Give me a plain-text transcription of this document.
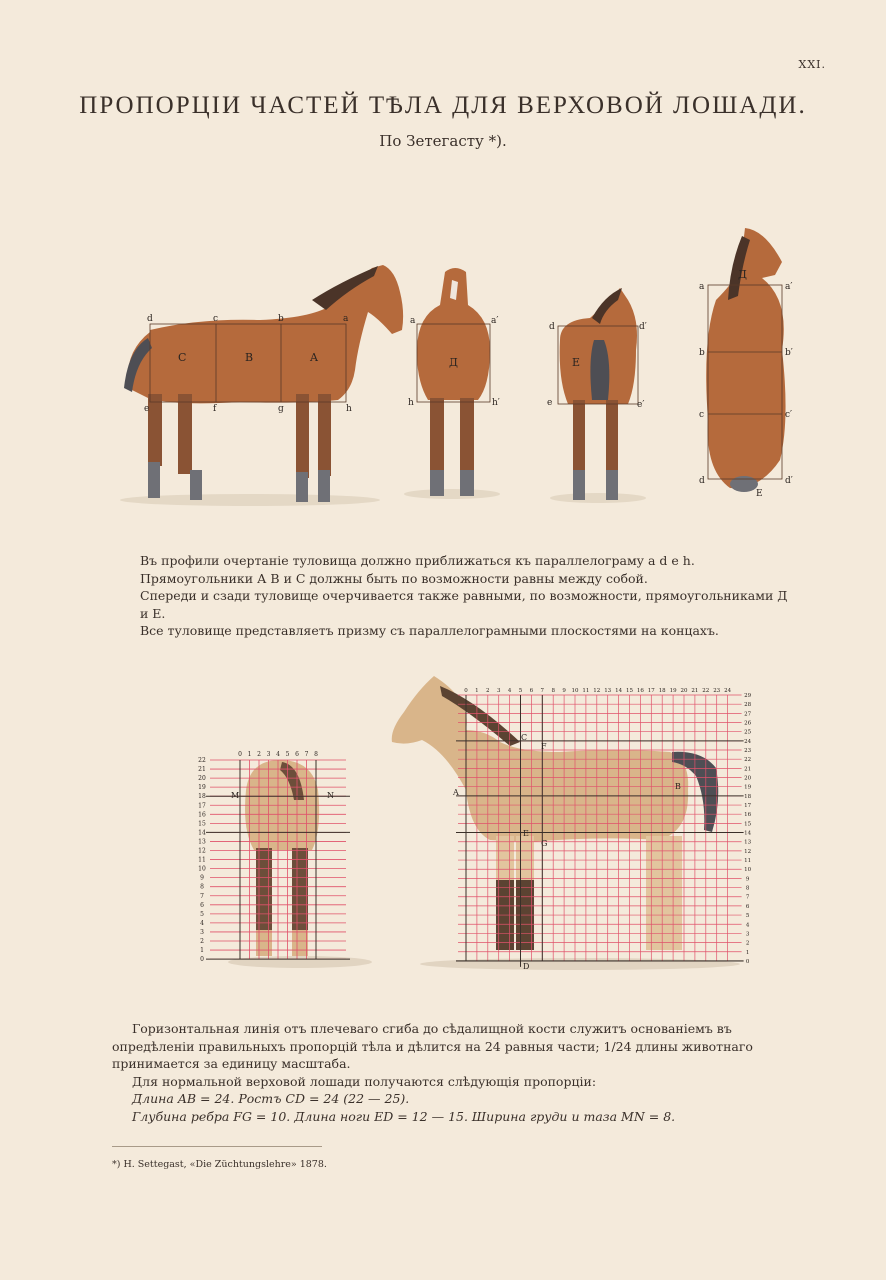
XXI.
ПРОПОРЦІИ ЧАСТЕЙ ТѢЛА ДЛЯ ВЕРХОВОЙ ЛОШАДИ.
По Зетегасту *).
d	c	b	a
e	f	g	h
C	B	A
a	a′
h	h′
Д
d	d′
e	e′
E
Д
a	a′
b	b′
c	c′
d	d′
E

Въ профили очертаніе туловища должно приближаться къ параллелограму a d e h.

Прямоугольники А В и С должны быть по возможности равны между собой.

Спереди и сзади туловище очерчивается также равными, по возможности, прямоугольниками Д и Е.

Все туловище представляетъ призму съ параллелограмными плоскостями на концахъ.

0 1 2 3 4 5 6 7 8
22
21
20
19
18
17
16
15
14
13
12
11
10
9
8
7
6
5
4
3
2
1
0
M	N
0 1 2 3 4 5 6 7 8 9 10 11 12 13 14 15 16 17 18 19 20 21 22 23 24
29
28
27
26
25
24
23
22
21
20
19
18
17
16
15
14
13
12
11
10
9
8
7
6
5
4
3
2
1
0
A
B
C
F
E
G
D

Горизонтальная линія отъ плечеваго сгиба до сѣдалищной кости служитъ основаніемъ въ опредѣленіи правильныхъ пропорцій тѣла и дѣлится на 24 равныя части; 1/24 длины животнаго принимается за единицу масштаба.

Для нормальной верховой лошади получаются слѣдующія пропорціи:

Длина AB = 24. Ростъ CD = 24 (22 — 25).

Глубина ребра FG = 10. Длина ноги ED = 12 — 15. Ширина груди и таза MN = 8.

*) H. Settegast, «Die Züchtungslehre» 1878.
